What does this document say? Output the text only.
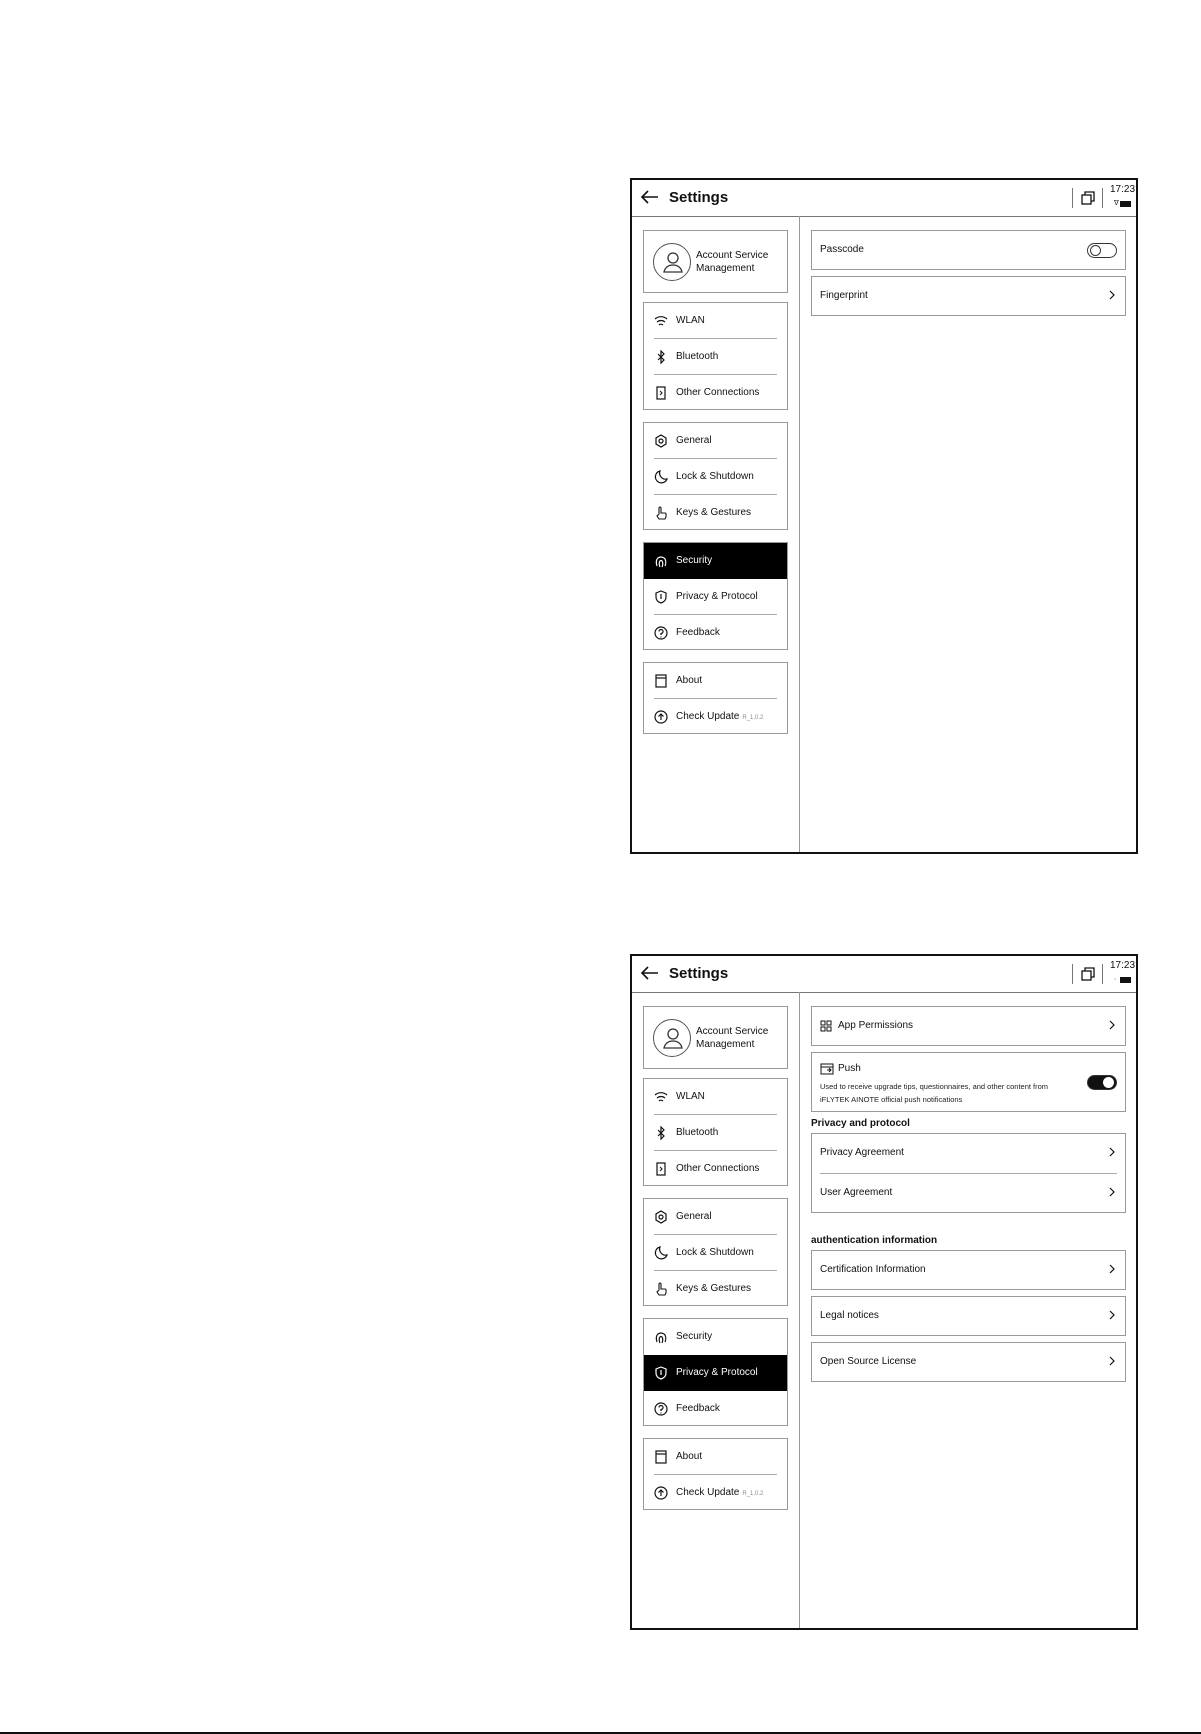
Settings	17:23
ᐁ
Account Service Management
WLAN
Bluetooth
Other Connections
General
Lock & Shutdown
Keys & Gestures
Security
Privacy & Protocol
Feedback
About
Check Update R_1.0.2
Passcode
Fingerprint
Settings	17:23
·
Account Service Management
WLAN
Bluetooth
Other Connections
General
Lock & Shutdown
Keys & Gestures
Security
Privacy & Protocol
Feedback
About
Check Update R_1.0.2
App Permissions
Push
Used to receive upgrade tips, questionnaires, and other content from iFLYTEK AINOTE official push notifications
Privacy and protocol
Privacy Agreement
User Agreement
authentication information
Certification Information
Legal notices
Open Source License
